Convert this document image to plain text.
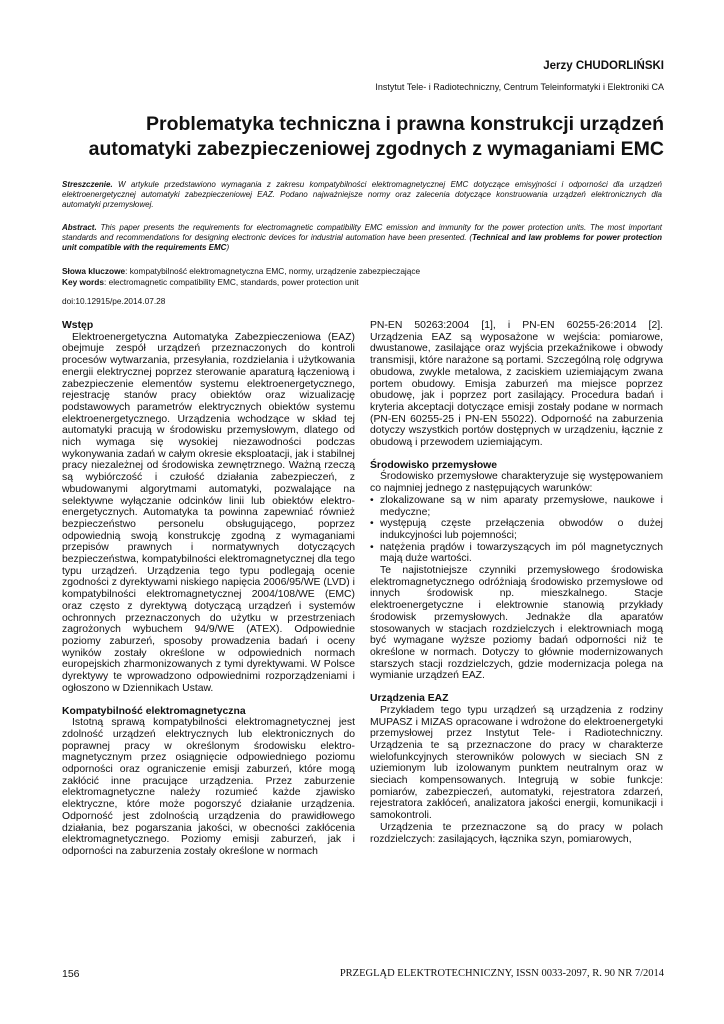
Jerzy CHUDORLIŃSKI
Instytut Tele- i Radiotechniczny, Centrum Teleinformatyki i Elektroniki CA
Problematyka techniczna i prawna konstrukcji urządzeń
automatyki zabezpieczeniowej zgodnych z wymaganiami EMC
Streszczenie. W artykule przedstawiono wymagania z zakresu kompatybilności elektromagnetycznej EMC dotyczące emisyjności i odporności dla urządzeń elektroenergetycznej automatyki zabezpieczeniowej EAZ. Podano najważniejsze normy oraz zalecenia dotyczące konstruowania urządzeń elektronicznych dla automatyki przemysłowej.
Abstract. This paper presents the requirements for electromagnetic compatibility EMC emission and immunity for the power protection units. The most important standards and recommendations for designing electronic devices for industrial automation have been presented. (Technical and law problems for power protection unit compatible with the requirements EMC)
Słowa kluczowe: kompatybilność elektromagnetyczna EMC, normy, urządzenie zabezpieczające
Key words: electromagnetic compatibility EMC, standards, power protection unit
doi:10.12915/pe.2014.07.28
Wstęp

Elektroenergetyczna Automatyka Zabezpieczeniowa (EAZ) obejmuje zespół urządzeń przeznaczonych do kontroli procesów wytwarzania, przesyłania, rozdzielania i użytkowania energii elektrycznej poprzez sterowanie aparaturą łączeniową i zabezpieczenie elementów systemu elektroenergetycznego, rejestrację stanów pracy obiektów oraz wizualizację podstawowych parametrów elektrycznych obiektów systemu elektroenergetycznego. Urządzenia wchodzące w skład tej automatyki pracują w środowisku przemysłowym, dlatego od nich wymaga się wysokiej niezawodności podczas wykonywania zadań w całym okresie eksploatacji, jak i stabilnej pracy niezależnej od środowiska zewnętrznego. Ważną rzeczą są wybiórczość i czułość działania zabezpieczeń, z wbudowanymi algorytmami automatyki, pozwalające na selektywne wyłączanie odcinków linii lub obiektów elektro-energetycznych. Automatyka ta powinna zapewniać również bezpieczeństwo personelu obsługującego, poprzez odpowiednią swoją konstrukcję zgodną z wymaganiami przepisów prawnych i normatywnych dotyczących bezpieczeństwa, kompatybilności elektromagnetycznej dla tego typu urządzeń. Urządzenia tego typu podlegają ocenie zgodności z dyrektywami niskiego napięcia 2006/95/WE (LVD) i kompatybilności elektromagnetycznej 2004/108/WE (EMC) oraz często z dyrektywą dotyczącą urządzeń i systemów ochronnych przeznaczonych do użytku w przestrzeniach zagrożonych wybuchem 94/9/WE (ATEX). Odpowiednie poziomy zaburzeń, sposoby prowadzenia badań i oceny wyników zostały określone w odpowiednich normach europejskich zharmonizowanych z tymi dyrektywami. W Polsce dyrektywy te wprowadzono odpowiednimi rozporządzeniami i ogłoszono w Dziennikach Ustaw.

Kompatybilność elektromagnetyczna

Istotną sprawą kompatybilności elektromagnetycznej jest zdolność urządzeń elektrycznych lub elektronicznych do poprawnej pracy w określonym środowisku elektro-magnetycznym przez osiągnięcie odpowiedniego poziomu odporności oraz ograniczenie emisji zaburzeń, które mogą zakłócić inne pracujące urządzenia. Przez zaburzenie elektromagnetyczne należy rozumieć każde zjawisko elektryczne, które może pogorszyć działanie urządzenia. Odporność jest zdolnością urządzenia do prawidłowego działania, bez pogarszania jakości, w obecności zakłócenia elektromagnetycznego. Poziomy emisji zaburzeń, jak i odporności na zaburzenia zostały określone w normach

PN-EN 50263:2004 [1], i PN-EN 60255-26:2014 [2]. Urządzenia EAZ są wyposażone w wejścia: pomiarowe, dwustanowe, zasilające oraz wyjścia przekaźnikowe i obwody transmisji, które narażone są portami. Szczególną rolę odgrywa obudowa, zwykle metalowa, z zaciskiem uziemiającym zwana portem obudowy. Emisja zaburzeń ma miejsce poprzez obudowę, jak i poprzez port zasilający. Procedura badań i kryteria akceptacji dotyczące emisji zostały podane w normach (PN-EN 60255-25 i PN-EN 55022). Odporność na zaburzenia dotyczy wszystkich portów dostępnych w urządzeniu, łącznie z obudową i przewodem uziemiającym.

Środowisko przemysłowe

Środowisko przemysłowe charakteryzuje się występowaniem co najmniej jednego z następujących warunków:

• zlokalizowane są w nim aparaty przemysłowe, naukowe i medyczne;
• występują częste przełączenia obwodów o dużej indukcyjności lub pojemności;
• natężenia prądów i towarzyszących im pól magnetycznych mają duże wartości.

Te najistotniejsze czynniki przemysłowego środowiska elektromagnetycznego odróżniają środowisko przemysłowe od innych środowisk np. mieszkalnego. Stacje elektroenergetyczne i elektrownie stanowią przykłady środowisk przemysłowych. Jednakże dla aparatów stosowanych w stacjach rozdzielczych i elektrowniach mogą być wymagane wyższe poziomy badań odporności niż te określone w normach. Dotyczy to głównie modernizowanych starszych stacji rozdzielczych, gdzie modernizacja polega na wymianie urządzeń EAZ.

Urządzenia EAZ

Przykładem tego typu urządzeń są urządzenia z rodziny MUPASZ i MIZAS opracowane i wdrożone do elektroenergetyki przemysłowej przez Instytut Tele- i Radiotechniczny. Urządzenia te są przeznaczone do pracy w charakterze wielofunkcyjnych sterowników polowych w sieciach SN z uziemionym lub izolowanym punktem neutralnym oraz w sieciach kompensowanych. Integrują w sobie funkcje: pomiarów, zabezpieczeń, automatyki, rejestratora zdarzeń, rejestratora zakłóceń, analizatora jakości energii, komunikacji i samokontroli.

Urządzenia te przeznaczone są do pracy w polach rozdzielczych: zasilających, łącznika szyn, pomiarowych,

156	PRZEGLĄD ELEKTROTECHNICZNY, ISSN 0033-2097, R. 90 NR 7/2014
